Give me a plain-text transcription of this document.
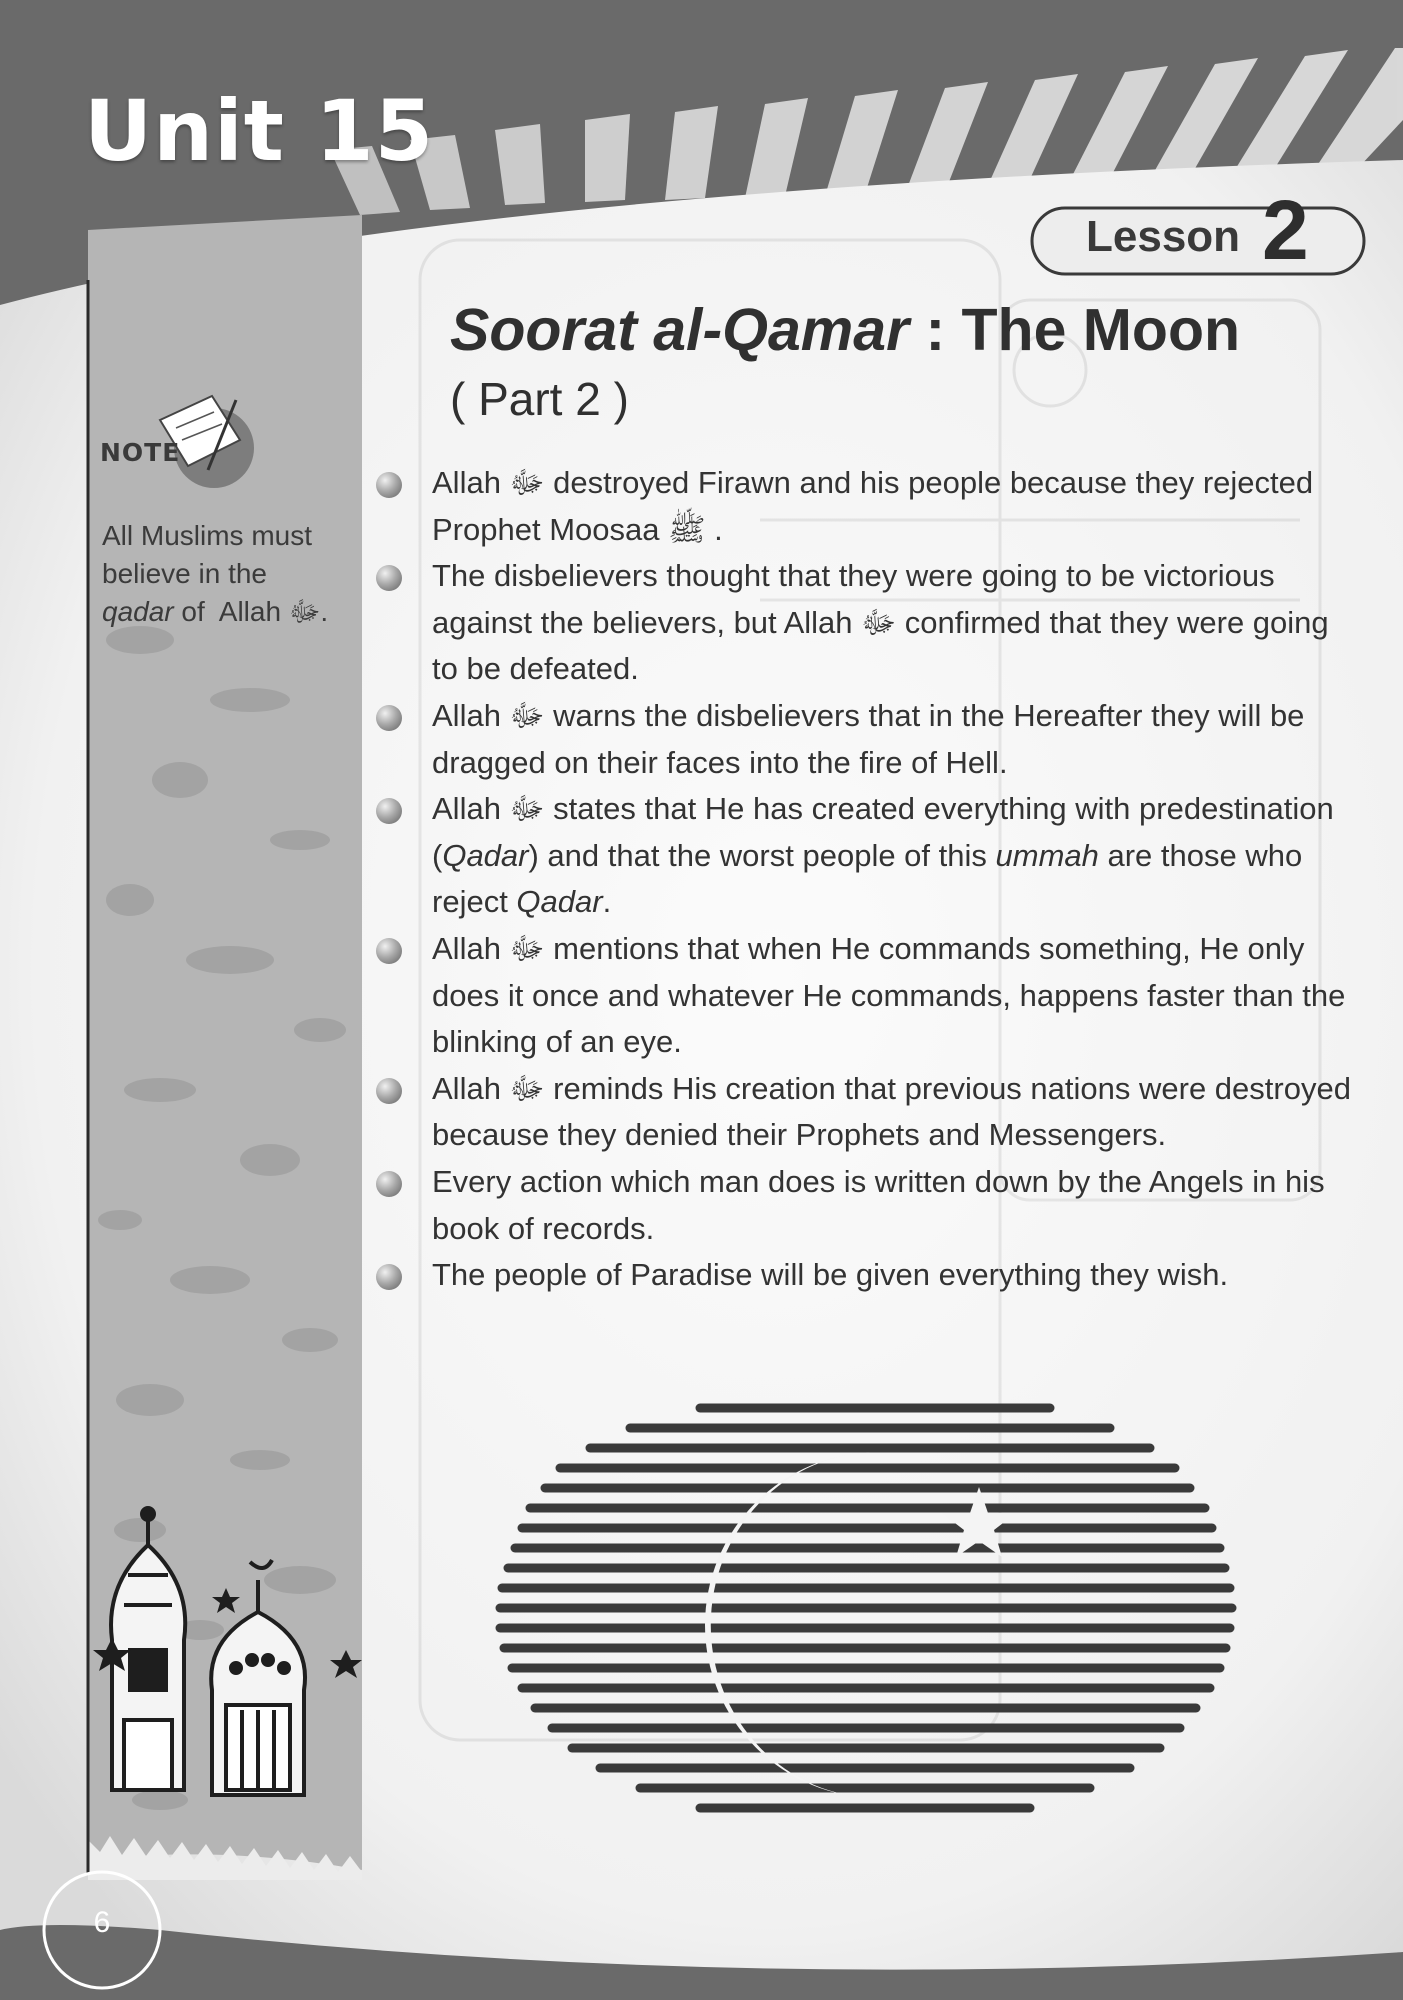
Unit 15
Lesson 2
Soorat al-Qamar : The Moon
( Part 2 )
NOTE
All Muslims must
believe in the
qadar of  Allah ﷻ.
Allah ﷻ destroyed Firawn and his people because they rejected Prophet Moosaa ﷺ .
The disbelievers thought that they were going to be victorious against the believers, but Allah ﷻ confirmed that they were going to be defeated.
Allah ﷻ warns the disbelievers that in the Hereafter they will be dragged on their faces into the fire of Hell.
Allah ﷻ states that He has created everything with predestination (Qadar) and that the worst people of this ummah are those who reject Qadar.
Allah ﷻ mentions that when He commands something, He only does it once and whatever He commands, happens faster than the blinking of an eye.
Allah ﷻ reminds His creation that previous nations were destroyed because they denied their Prophets and Messengers.
Every action which man does is written down by the Angels in his book of records.
The people of Paradise will be given everything they wish.
6
